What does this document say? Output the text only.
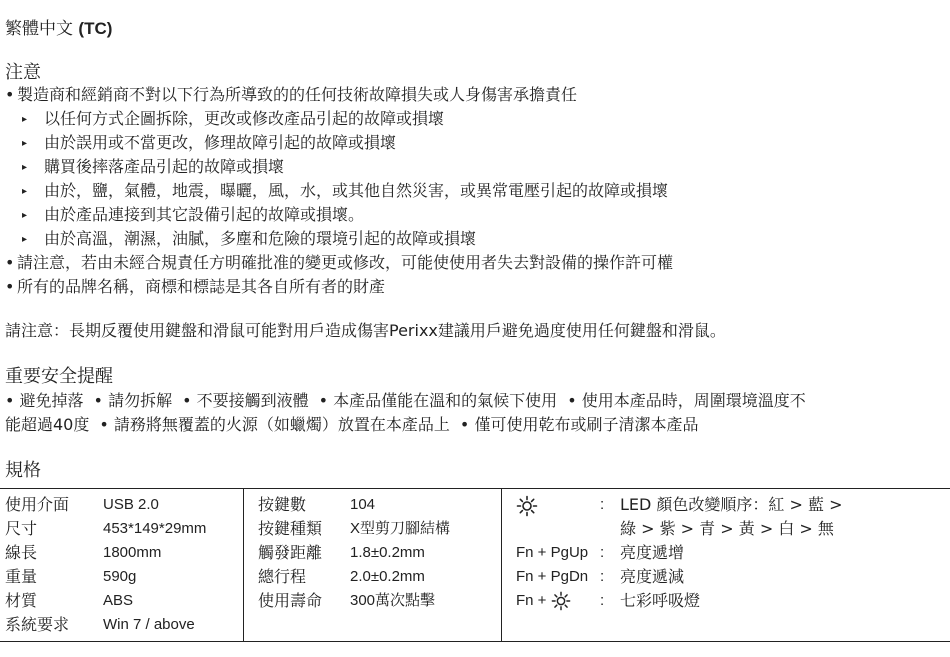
繁體中文 (TC)
注意
• 製造商和經銷商不對以下行為所導致的的任何技術故障損失或人身傷害承擔責任
▸ 以任何方式企圖拆除，更改或修改產品引起的故障或損壞
▸ 由於誤用或不當更改，修理故障引起的故障或損壞
▸ 購買後摔落產品引起的故障或損壞
▸ 由於，鹽，氣體，地震，曝曬，風，水，或其他自然災害，或異常電壓引起的故障或損壞
▸ 由於產品連接到其它設備引起的故障或損壞。
▸ 由於高溫，潮濕，油膩，多塵和危險的環境引起的故障或損壞
• 請注意，若由未經合規責任方明確批准的變更或修改，可能使使用者失去對設備的操作許可權
• 所有的品牌名稱，商標和標誌是其各自所有者的財產
請注意：長期反覆使用鍵盤和滑鼠可能對用戶造成傷害Perixx建議用戶避免過度使用任何鍵盤和滑鼠。
重要安全提醒
• 避免掉落 • 請勿拆解 • 不要接觸到液體 • 本產品僅能在溫和的氣候下使用 • 使用本產品時，周圍環境溫度不
能超過40度 • 請務將無覆蓋的火源（如蠟燭）放置在本產品上 • 僅可使用乾布或刷子清潔本產品
規格
使用介面	USB 2.0
尺寸	453*149*29mm
線長	1800mm
重量	590g
材質	ABS
系統要求	Win 7 / above

按鍵數	104
按鍵種類	X型剪刀腳結構
觸發距離	1.8±0.2mm
總行程	2.0±0.2mm
使用壽命	300萬次點擊

: LED 顏色改變順序：紅 > 藍 >
綠 > 紫 > 青 > 黃 > 白 > 無
Fn + PgUp : 亮度遞增
Fn + PgDn : 亮度遞減
Fn +	: 七彩呼吸燈
